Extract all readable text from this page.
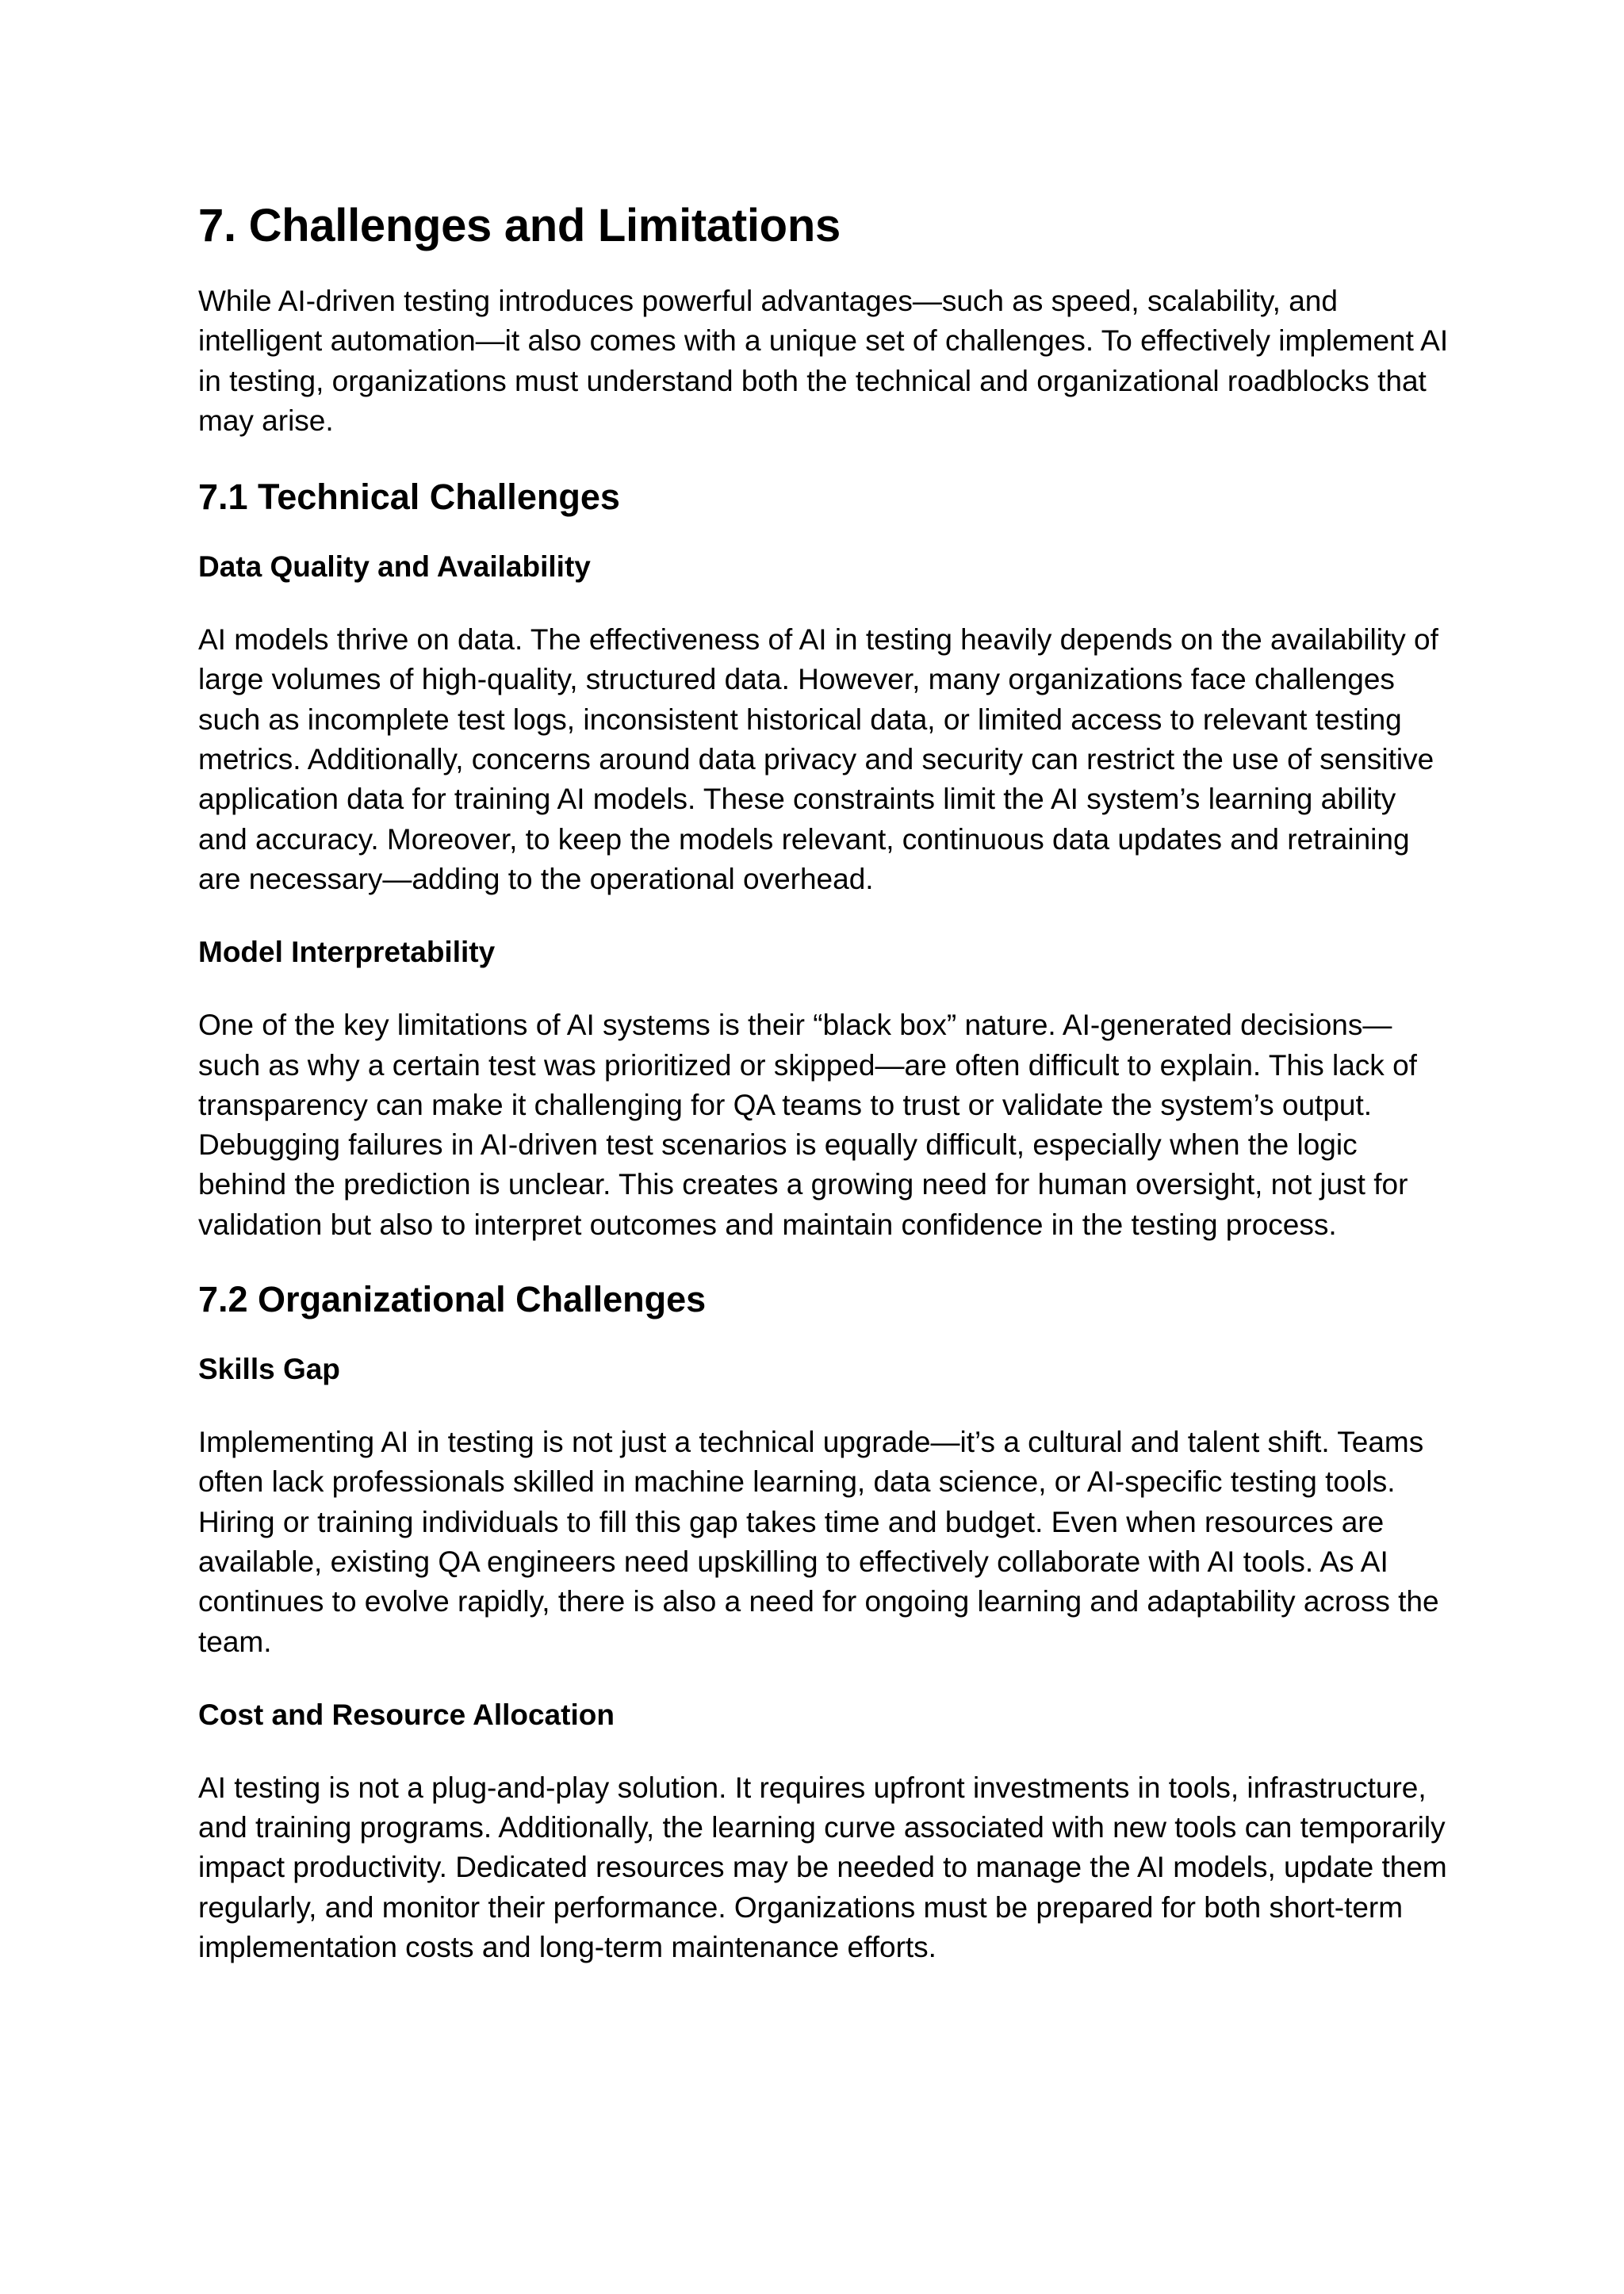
7. Challenges and Limitations

While AI-driven testing introduces powerful advantages—such as speed, scalability, and intelligent automation—it also comes with a unique set of challenges. To effectively implement AI in testing, organizations must understand both the technical and organizational roadblocks that may arise.

7.1 Technical Challenges
Data Quality and Availability

AI models thrive on data. The effectiveness of AI in testing heavily depends on the availability of large volumes of high-quality, structured data. However, many organizations face challenges such as incomplete test logs, inconsistent historical data, or limited access to relevant testing metrics. Additionally, concerns around data privacy and security can restrict the use of sensitive application data for training AI models. These constraints limit the AI system’s learning ability and accuracy. Moreover, to keep the models relevant, continuous data updates and retraining are necessary—adding to the operational overhead.

Model Interpretability

One of the key limitations of AI systems is their “black box” nature. AI-generated decisions—such as why a certain test was prioritized or skipped—are often difficult to explain. This lack of transparency can make it challenging for QA teams to trust or validate the system’s output. Debugging failures in AI-driven test scenarios is equally difficult, especially when the logic behind the prediction is unclear. This creates a growing need for human oversight, not just for validation but also to interpret outcomes and maintain confidence in the testing process.

7.2 Organizational Challenges
Skills Gap

Implementing AI in testing is not just a technical upgrade—it’s a cultural and talent shift. Teams often lack professionals skilled in machine learning, data science, or AI-specific testing tools. Hiring or training individuals to fill this gap takes time and budget. Even when resources are available, existing QA engineers need upskilling to effectively collaborate with AI tools. As AI continues to evolve rapidly, there is also a need for ongoing learning and adaptability across the team.

Cost and Resource Allocation

AI testing is not a plug-and-play solution. It requires upfront investments in tools, infrastructure, and training programs. Additionally, the learning curve associated with new tools can temporarily impact productivity. Dedicated resources may be needed to manage the AI models, update them regularly, and monitor their performance. Organizations must be prepared for both short-term implementation costs and long-term maintenance efforts.
